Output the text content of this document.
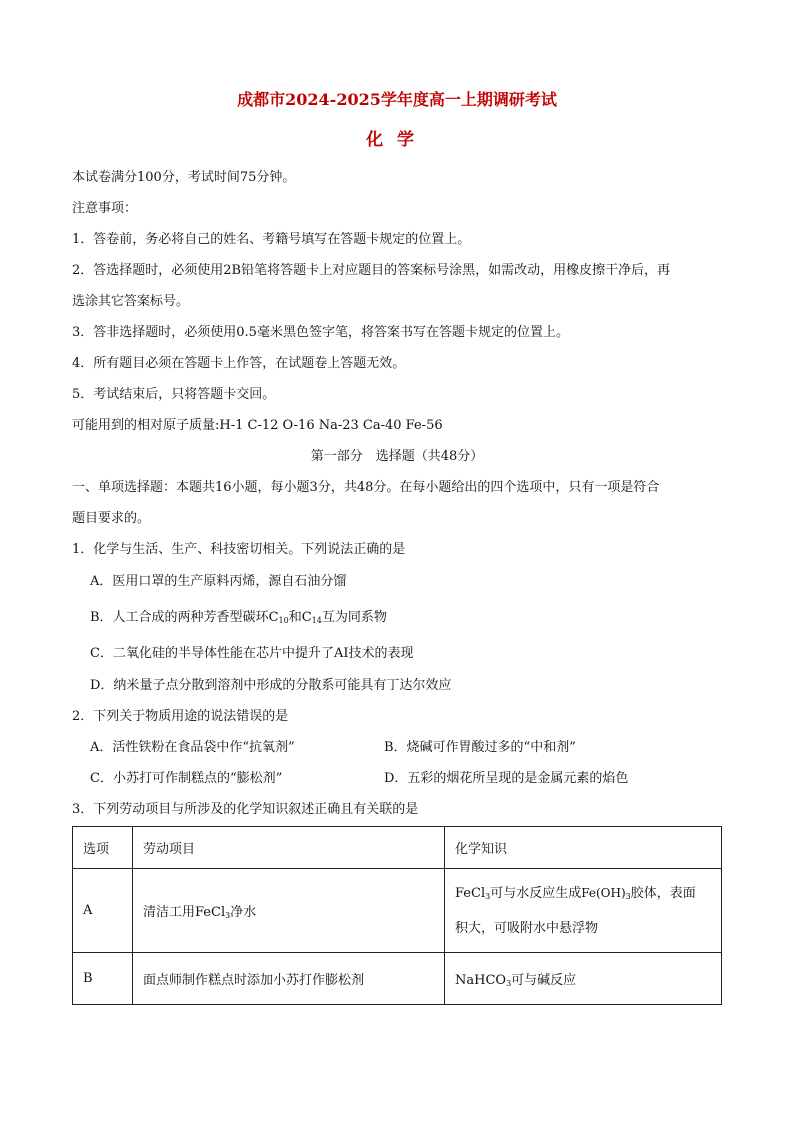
成都市2024-2025学年度高一上期调研考试
化学
本试卷满分100分，考试时间75分钟。
注意事项：
1．答卷前，务必将自己的姓名、考籍号填写在答题卡规定的位置上。
2．答选择题时，必须使用2B铅笔将答题卡上对应题目的答案标号涂黑，如需改动，用橡皮擦干净后，再
选涂其它答案标号。
3．答非选择题时，必须使用0.5毫米黑色签字笔，将答案书写在答题卡规定的位置上。
4．所有题目必须在答题卡上作答，在试题卷上答题无效。
5．考试结束后，只将答题卡交回。
可能用到的相对原子质量:H-1 C-12 O-16 Na-23 Ca-40 Fe-56
第一部分　选择题（共48分）
一、单项选择题：本题共16小题，每小题3分，共48分。在每小题给出的四个选项中，只有一项是符合
题目要求的。
1．化学与生活、生产、科技密切相关。下列说法正确的是
A．医用口罩的生产原料丙烯，源自石油分馏
B．人工合成的两种芳香型碳环$C_{10}$和$C_{14}$互为同系物
C．二氧化硅的半导体性能在芯片中提升了AI技术的表现
D．纳米量子点分散到溶剂中形成的分散系可能具有丁达尔效应
2．下列关于物质用途的说法错误的是
A．活性铁粉在食品袋中作“抗氧剂”	B．烧碱可作胃酸过多的“中和剂”
C．小苏打可作制糕点的“膨松剂”	D．五彩的烟花所呈现的是金属元素的焰色
3．下列劳动项目与所涉及的化学知识叙述正确且有关联的是
选项	劳动项目	化学知识
A	清洁工用FeCl$_3$净水	FeCl$_3$可与水反应生成$Fe(OH)_3$胶体，表面
积大，可吸附水中悬浮物

B	面点师制作糕点时添加小苏打作膨松剂	NaHCO$_3$可与碱反应
